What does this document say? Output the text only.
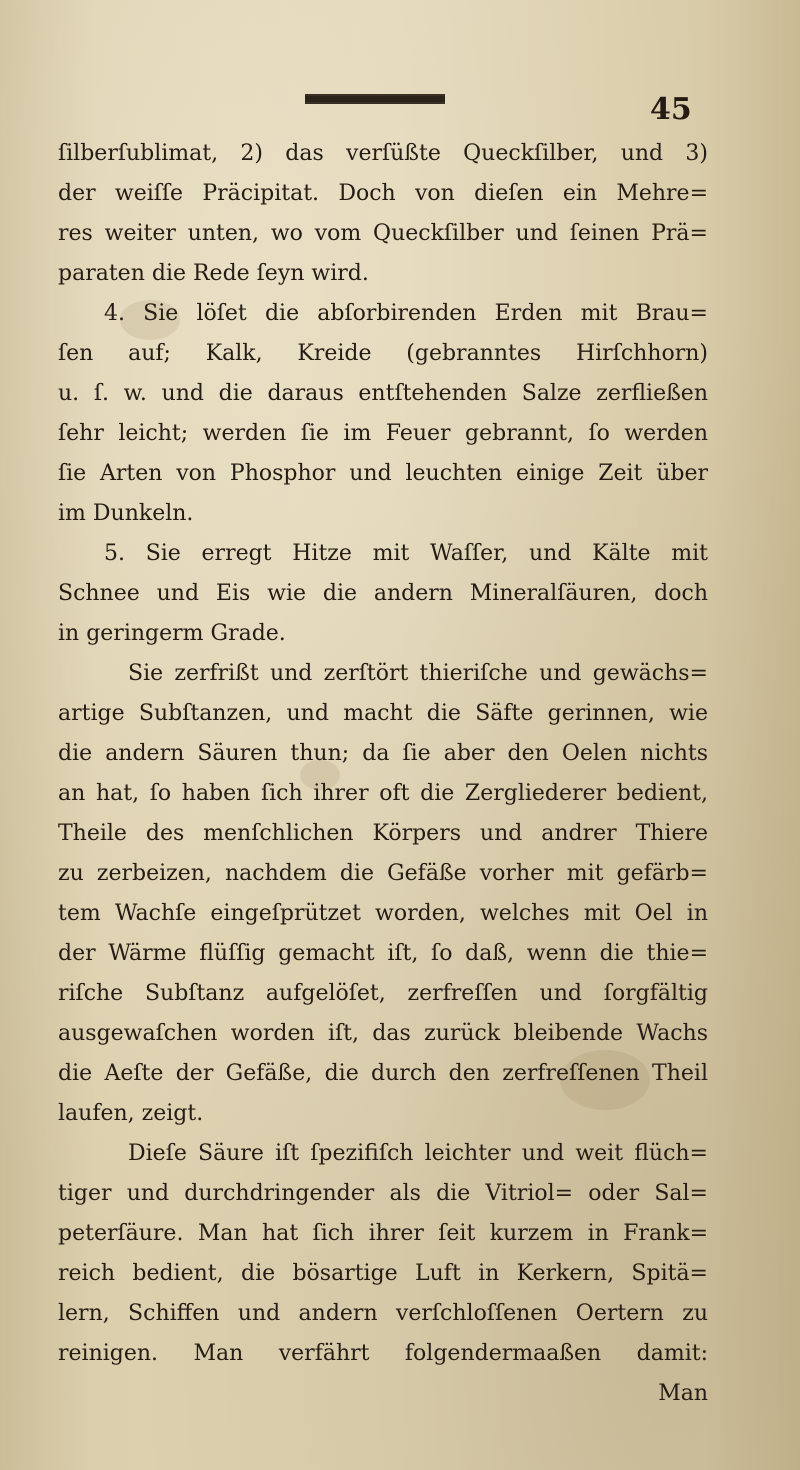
45
ſilberſublimat, 2) das verſüßte Queckſilber, und 3)
der weiſſe Präcipitat. Doch von dieſen ein Mehre=
res weiter unten, wo vom Queckſilber und ſeinen Prä=
paraten die Rede ſeyn wird.
4. Sie löſet die abſorbirenden Erden mit Brau=
ſen auf; Kalk, Kreide (gebranntes Hirſchhorn)
u. ſ. w. und die daraus entſtehenden Salze zerfließen
ſehr leicht; werden ſie im Feuer gebrannt, ſo werden
ſie Arten von Phosphor und leuchten einige Zeit über
im Dunkeln.
5. Sie erregt Hitze mit Waſſer, und Kälte mit
Schnee und Eis wie die andern Mineralſäuren, doch
in geringerm Grade.
Sie zerfrißt und zerſtört thieriſche und gewächs=
artige Subſtanzen, und macht die Säfte gerinnen, wie
die andern Säuren thun; da ſie aber den Oelen nichts
an hat, ſo haben ſich ihrer oft die Zergliederer bedient,
Theile des menſchlichen Körpers und andrer Thiere
zu zerbeizen, nachdem die Gefäße vorher mit gefärb=
tem Wachſe eingeſprützet worden, welches mit Oel in
der Wärme flüſſig gemacht iſt, ſo daß, wenn die thie=
riſche Subſtanz aufgelöſet, zerfreſſen und ſorgfältig
ausgewaſchen worden iſt, das zurück bleibende Wachs
die Aeſte der Gefäße, die durch den zerfreſſenen Theil
laufen, zeigt.
Dieſe Säure iſt ſpezifiſch leichter und weit flüch=
tiger und durchdringender als die Vitriol= oder Sal=
peterſäure. Man hat ſich ihrer ſeit kurzem in Frank=
reich bedient, die bösartige Luft in Kerkern, Spitä=
lern, Schiffen und andern verſchloſſenen Oertern zu
reinigen. Man verfährt folgendermaaßen damit:
Man
